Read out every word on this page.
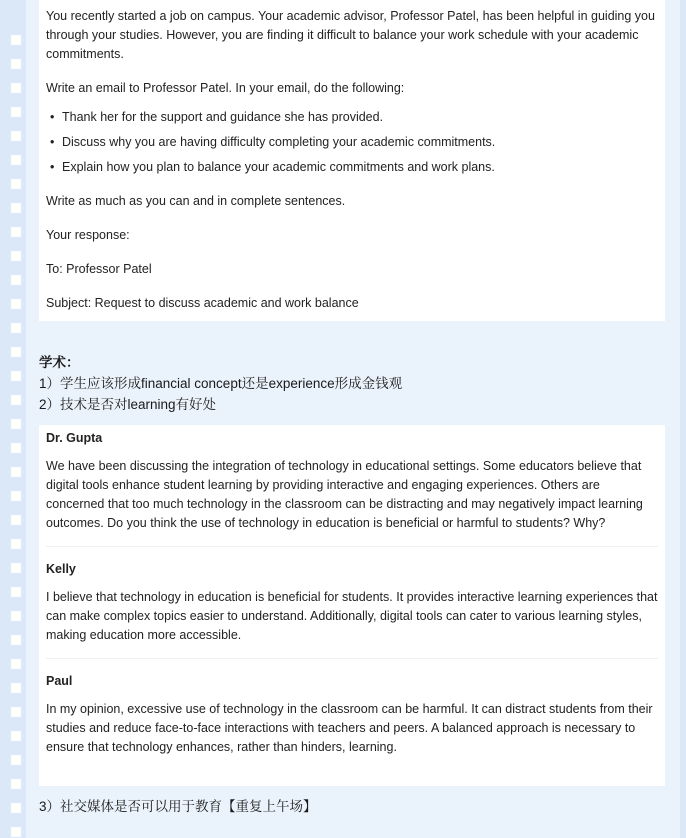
You recently started a job on campus. Your academic advisor, Professor Patel, has been helpful in guiding you through your studies. However, you are finding it difficult to balance your work schedule with your academic commitments.

Write an email to Professor Patel. In your email, do the following:

• Thank her for the support and guidance she has provided.
• Discuss why you are having difficulty completing your academic commitments.
• Explain how you plan to balance your academic commitments and work plans.

Write as much as you can and in complete sentences.

Your response:

To: Professor Patel

Subject: Request to discuss academic and work balance

学术：
1）学生应该形成financial concept还是experience形成金钱观
2）技术是否对learning有好处

Dr. Gupta

We have been discussing the integration of technology in educational settings. Some educators believe that digital tools enhance student learning by providing interactive and engaging experiences. Others are concerned that too much technology in the classroom can be distracting and may negatively impact learning outcomes. Do you think the use of technology in education is beneficial or harmful to students? Why?

Kelly

I believe that technology in education is beneficial for students. It provides interactive learning experiences that can make complex topics easier to understand. Additionally, digital tools can cater to various learning styles, making education more accessible.

Paul

In my opinion, excessive use of technology in the classroom can be harmful. It can distract students from their studies and reduce face-to-face interactions with teachers and peers. A balanced approach is necessary to ensure that technology enhances, rather than hinders, learning.

3）社交媒体是否可以用于教育【重复上午场】
